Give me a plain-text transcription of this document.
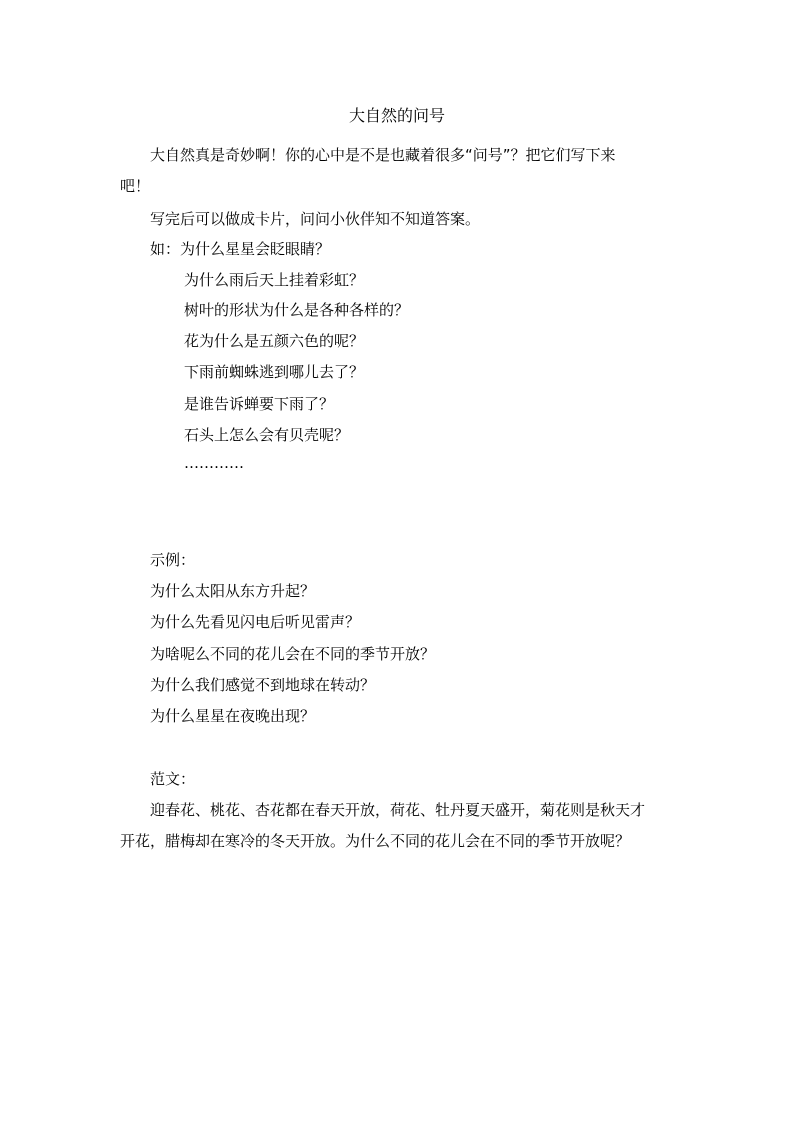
大自然的问号
大自然真是奇妙啊！你的心中是不是也藏着很多“问号”？把它们写下来
吧！
写完后可以做成卡片，问问小伙伴知不知道答案。
如：为什么星星会眨眼睛？
为什么雨后天上挂着彩虹？
树叶的形状为什么是各种各样的？
花为什么是五颜六色的呢？
下雨前蜘蛛逃到哪儿去了？
是谁告诉蝉要下雨了？
石头上怎么会有贝壳呢？
…………
示例：
为什么太阳从东方升起？
为什么先看见闪电后听见雷声？
为啥呢么不同的花儿会在不同的季节开放？
为什么我们感觉不到地球在转动？
为什么星星在夜晚出现？
范文：
迎春花、桃花、杏花都在春天开放，荷花、牡丹夏天盛开，菊花则是秋天才
开花，腊梅却在寒冷的冬天开放。为什么不同的花儿会在不同的季节开放呢？
